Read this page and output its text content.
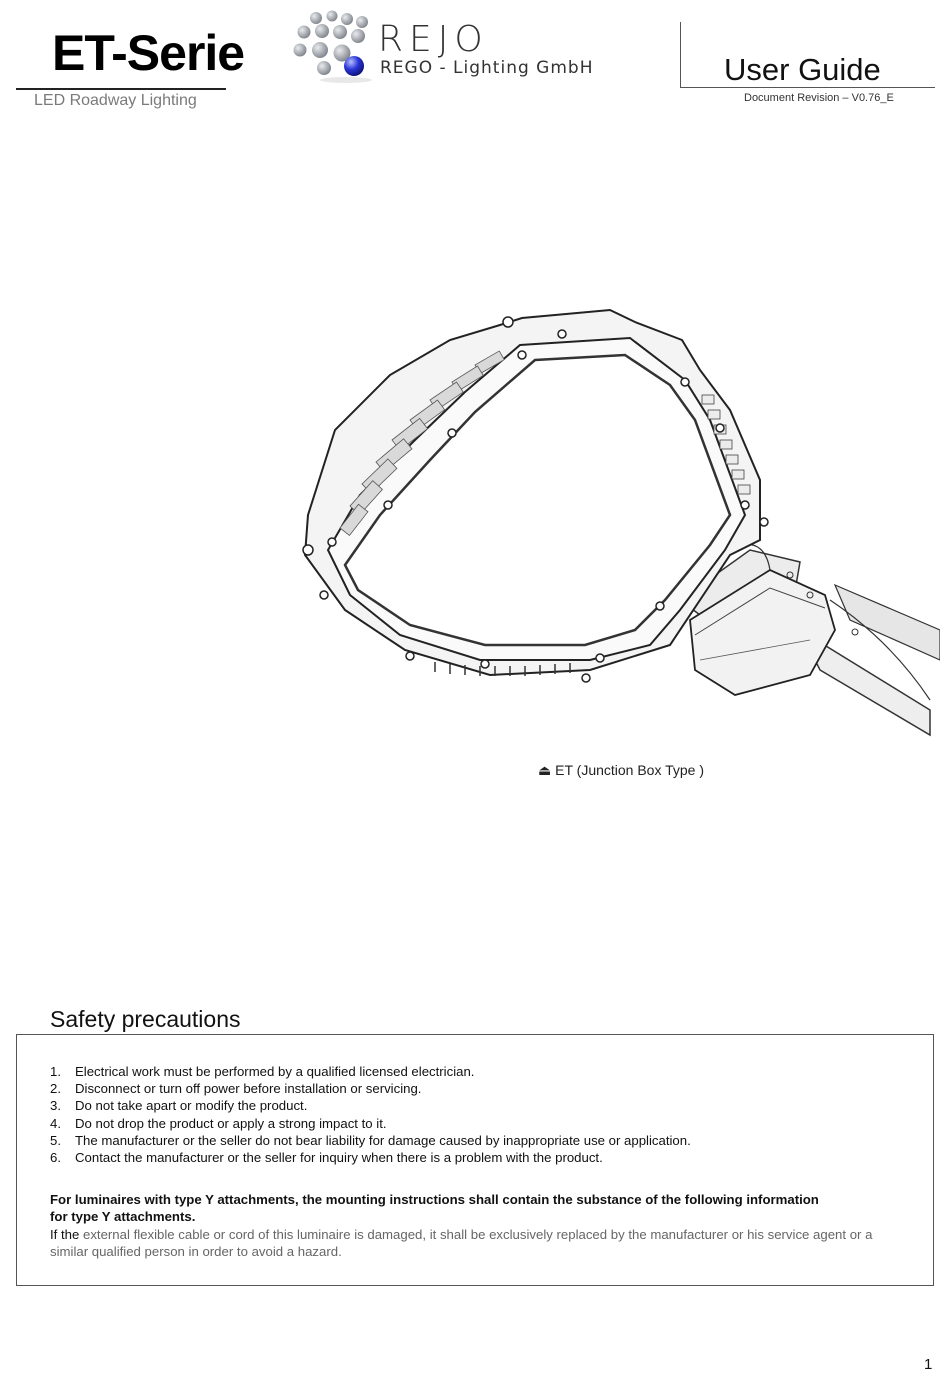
ET-Serie
LED Roadway Lighting
REJO
REGO - Lighting GmbH	User Guide
Document Revision – V0.76_E
⏏ ET (Junction Box Type )
Safety precautions
1.	Electrical work must be performed by a qualified licensed electrician.
2.	Disconnect or turn off power before installation or servicing.
3.	Do not take apart or modify the product.
4.	Do not drop the product or apply a strong impact to it.
5.	The manufacturer or the seller do not bear liability for damage caused by inappropriate use or application.
6.	Contact the manufacturer or the seller for inquiry when there is a problem with the product.
For luminaires with type Y attachments, the mounting instructions shall contain the substance of the following information
for type Y attachments.
If the external flexible cable or cord of this luminaire is damaged, it shall be exclusively replaced by the manufacturer or his service agent or a similar qualified person in order to avoid a hazard.
1
